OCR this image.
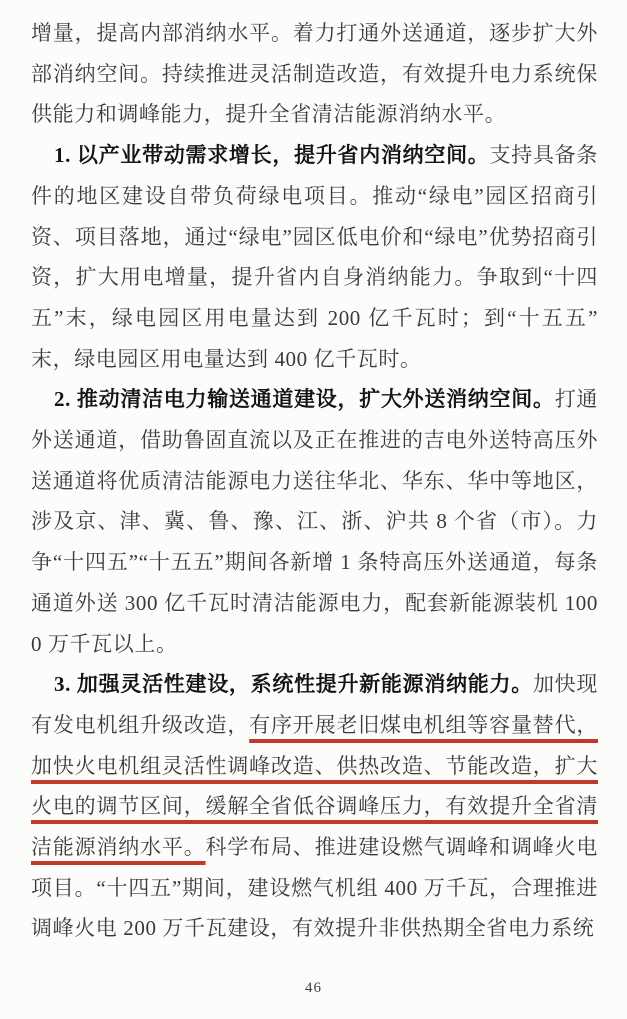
增量，提高内部消纳水平。着力打通外送通道，逐步扩大外部消纳空间。持续推进灵活制造改造，有效提升电力系统保供能力和调峰能力，提升全省清洁能源消纳水平。

1. 以产业带动需求增长，提升省内消纳空间。支持具备条件的地区建设自带负荷绿电项目。推动“绿电”园区招商引资、项目落地，通过“绿电”园区低电价和“绿电”优势招商引资，扩大用电增量，提升省内自身消纳能力。争取到“十四五”末，绿电园区用电量达到 200 亿千瓦时；到“十五五”末，绿电园区用电量达到 400 亿千瓦时。

2. 推动清洁电力输送通道建设，扩大外送消纳空间。打通外送通道，借助鲁固直流以及正在推进的吉电外送特高压外送通道将优质清洁能源电力送往华北、华东、华中等地区，涉及京、津、冀、鲁、豫、江、浙、沪共 8 个省（市）。力争“十四五”“十五五”期间各新增 1 条特高压外送通道，每条通道外送 300 亿千瓦时清洁能源电力，配套新能源装机 1000 万千瓦以上。

3. 加强灵活性建设，系统性提升新能源消纳能力。加快现有发电机组升级改造，有序开展老旧煤电机组等容量替代，加快火电机组灵活性调峰改造、供热改造、节能改造，扩大火电的调节区间，缓解全省低谷调峰压力，有效提升全省清洁能源消纳水平。科学布局、推进建设燃气调峰和调峰火电项目。“十四五”期间，建设燃气机组 400 万千瓦，合理推进调峰火电 200 万千瓦建设，有效提升非供热期全省电力系统

46
